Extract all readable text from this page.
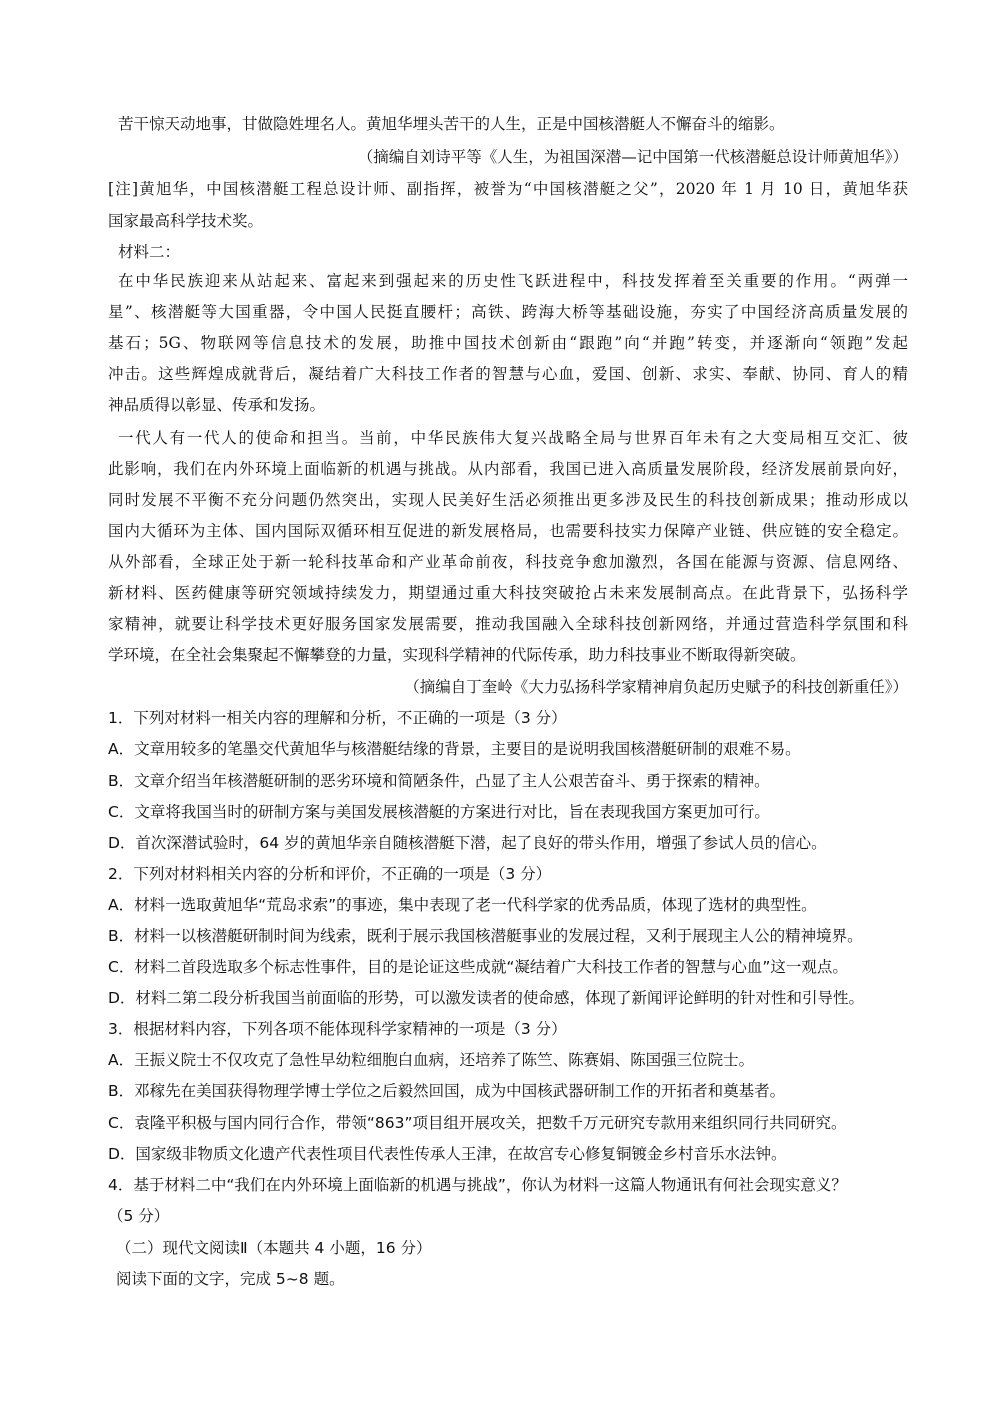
苦干惊天动地事，甘做隐姓埋名人。黄旭华埋头苦干的人生，正是中国核潜艇人不懈奋斗的缩影。
（摘编自刘诗平等《人生，为祖国深潜—记中国第一代核潜艇总设计师黄旭华》）
[注]黄旭华，中国核潜艇工程总设计师、副指挥，被誉为“中国核潜艇之父”，2020 年 1 月 10 日，黄旭华获
国家最高科学技术奖。
材料二：
在中华民族迎来从站起来、富起来到强起来的历史性飞跃进程中，科技发挥着至关重要的作用。“两弹一
星”、核潜艇等大国重器，令中国人民挺直腰杆；高铁、跨海大桥等基础设施，夯实了中国经济高质量发展的
基石；5G、物联网等信息技术的发展，助推中国技术创新由“跟跑”向“并跑”转变，并逐渐向“领跑”发起
冲击。这些辉煌成就背后，凝结着广大科技工作者的智慧与心血，爱国、创新、求实、奉献、协同、育人的精
神品质得以彰显、传承和发扬。
一代人有一代人的使命和担当。当前，中华民族伟大复兴战略全局与世界百年未有之大变局相互交汇、彼
此影响，我们在内外环境上面临新的机遇与挑战。从内部看，我国已进入高质量发展阶段，经济发展前景向好，
同时发展不平衡不充分问题仍然突出，实现人民美好生活必须推出更多涉及民生的科技创新成果；推动形成以
国内大循环为主体、国内国际双循环相互促进的新发展格局，也需要科技实力保障产业链、供应链的安全稳定。
从外部看，全球正处于新一轮科技革命和产业革命前夜，科技竞争愈加激烈，各国在能源与资源、信息网络、
新材料、医药健康等研究领域持续发力，期望通过重大科技突破抢占未来发展制高点。在此背景下，弘扬科学
家精神，就要让科学技术更好服务国家发展需要，推动我国融入全球科技创新网络，并通过营造科学氛围和科
学环境，在全社会集聚起不懈攀登的力量，实现科学精神的代际传承，助力科技事业不断取得新突破。
（摘编自丁奎岭《大力弘扬科学家精神肩负起历史赋予的科技创新重任》）
1．下列对材料一相关内容的理解和分析，不正确的一项是（3 分）
A．文章用较多的笔墨交代黄旭华与核潜艇结缘的背景，主要目的是说明我国核潜艇研制的艰难不易。
B．文章介绍当年核潜艇研制的恶劣环境和简陋条件，凸显了主人公艰苦奋斗、勇于探索的精神。
C．文章将我国当时的研制方案与美国发展核潜艇的方案进行对比，旨在表现我国方案更加可行。
D．首次深潜试验时，64 岁的黄旭华亲自随核潜艇下潜，起了良好的带头作用，增强了参试人员的信心。
2．下列对材料相关内容的分析和评价，不正确的一项是（3 分）
A．材料一选取黄旭华“荒岛求索”的事迹，集中表现了老一代科学家的优秀品质，体现了选材的典型性。
B．材料一以核潜艇研制时间为线索，既利于展示我国核潜艇事业的发展过程，又利于展现主人公的精神境界。
C．材料二首段选取多个标志性事件，目的是论证这些成就“凝结着广大科技工作者的智慧与心血”这一观点。
D．材料二第二段分析我国当前面临的形势，可以激发读者的使命感，体现了新闻评论鲜明的针对性和引导性。
3．根据材料内容，下列各项不能体现科学家精神的一项是（3 分）
A．王振义院士不仅攻克了急性早幼粒细胞白血病，还培养了陈竺、陈赛娟、陈国强三位院士。
B．邓稼先在美国获得物理学博士学位之后毅然回国，成为中国核武器研制工作的开拓者和奠基者。
C．袁隆平积极与国内同行合作，带领“863”项目组开展攻关，把数千万元研究专款用来组织同行共同研究。
D．国家级非物质文化遗产代表性项目代表性传承人王津，在故宫专心修复铜镀金乡村音乐水法钟。
4．基于材料二中“我们在内外环境上面临新的机遇与挑战”，你认为材料一这篇人物通讯有何社会现实意义？
（5 分）
（二）现代文阅读Ⅱ（本题共 4 小题，16 分）
阅读下面的文字，完成 5~8 题。
